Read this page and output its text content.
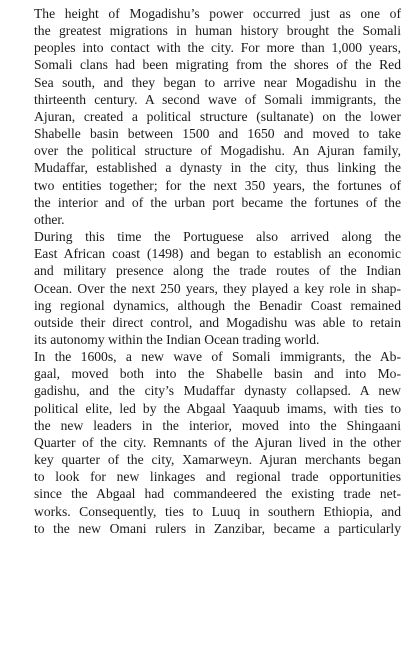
The height of Mogadishu’s power occurred just as one of
the greatest migrations in human history brought the Somali
peoples into contact with the city. For more than 1,000 years,
Somali clans had been migrating from the shores of the Red
Sea south, and they began to arrive near Mogadishu in the
thirteenth century. A second wave of Somali immigrants, the
Ajuran, created a political structure (sultanate) on the lower
Shabelle basin between 1500 and 1650 and moved to take
over the political structure of Mogadishu. An Ajuran family,
Mudaffar, established a dynasty in the city, thus linking the
two entities together; for the next 350 years, the fortunes of
the interior and of the urban port became the fortunes of the
other.

During this time the Portuguese also arrived along the
East African coast (1498) and began to establish an economic
and military presence along the trade routes of the Indian
Ocean. Over the next 250 years, they played a key role in shap-
ing regional dynamics, although the Benadir Coast remained
outside their direct control, and Mogadishu was able to retain
its autonomy within the Indian Ocean trading world.

In the 1600s, a new wave of Somali immigrants, the Ab-
gaal, moved both into the Shabelle basin and into Mo-
gadishu, and the city’s Mudaffar dynasty collapsed. A new
political elite, led by the Abgaal Yaaquub imams, with ties to
the new leaders in the interior, moved into the Shingaani
Quarter of the city. Remnants of the Ajuran lived in the other
key quarter of the city, Xamarweyn. Ajuran merchants began
to look for new linkages and regional trade opportunities
since the Abgaal had commandeered the existing trade net-
works. Consequently, ties to Luuq in southern Ethiopia, and
to the new Omani rulers in Zanzibar, became a particularly
